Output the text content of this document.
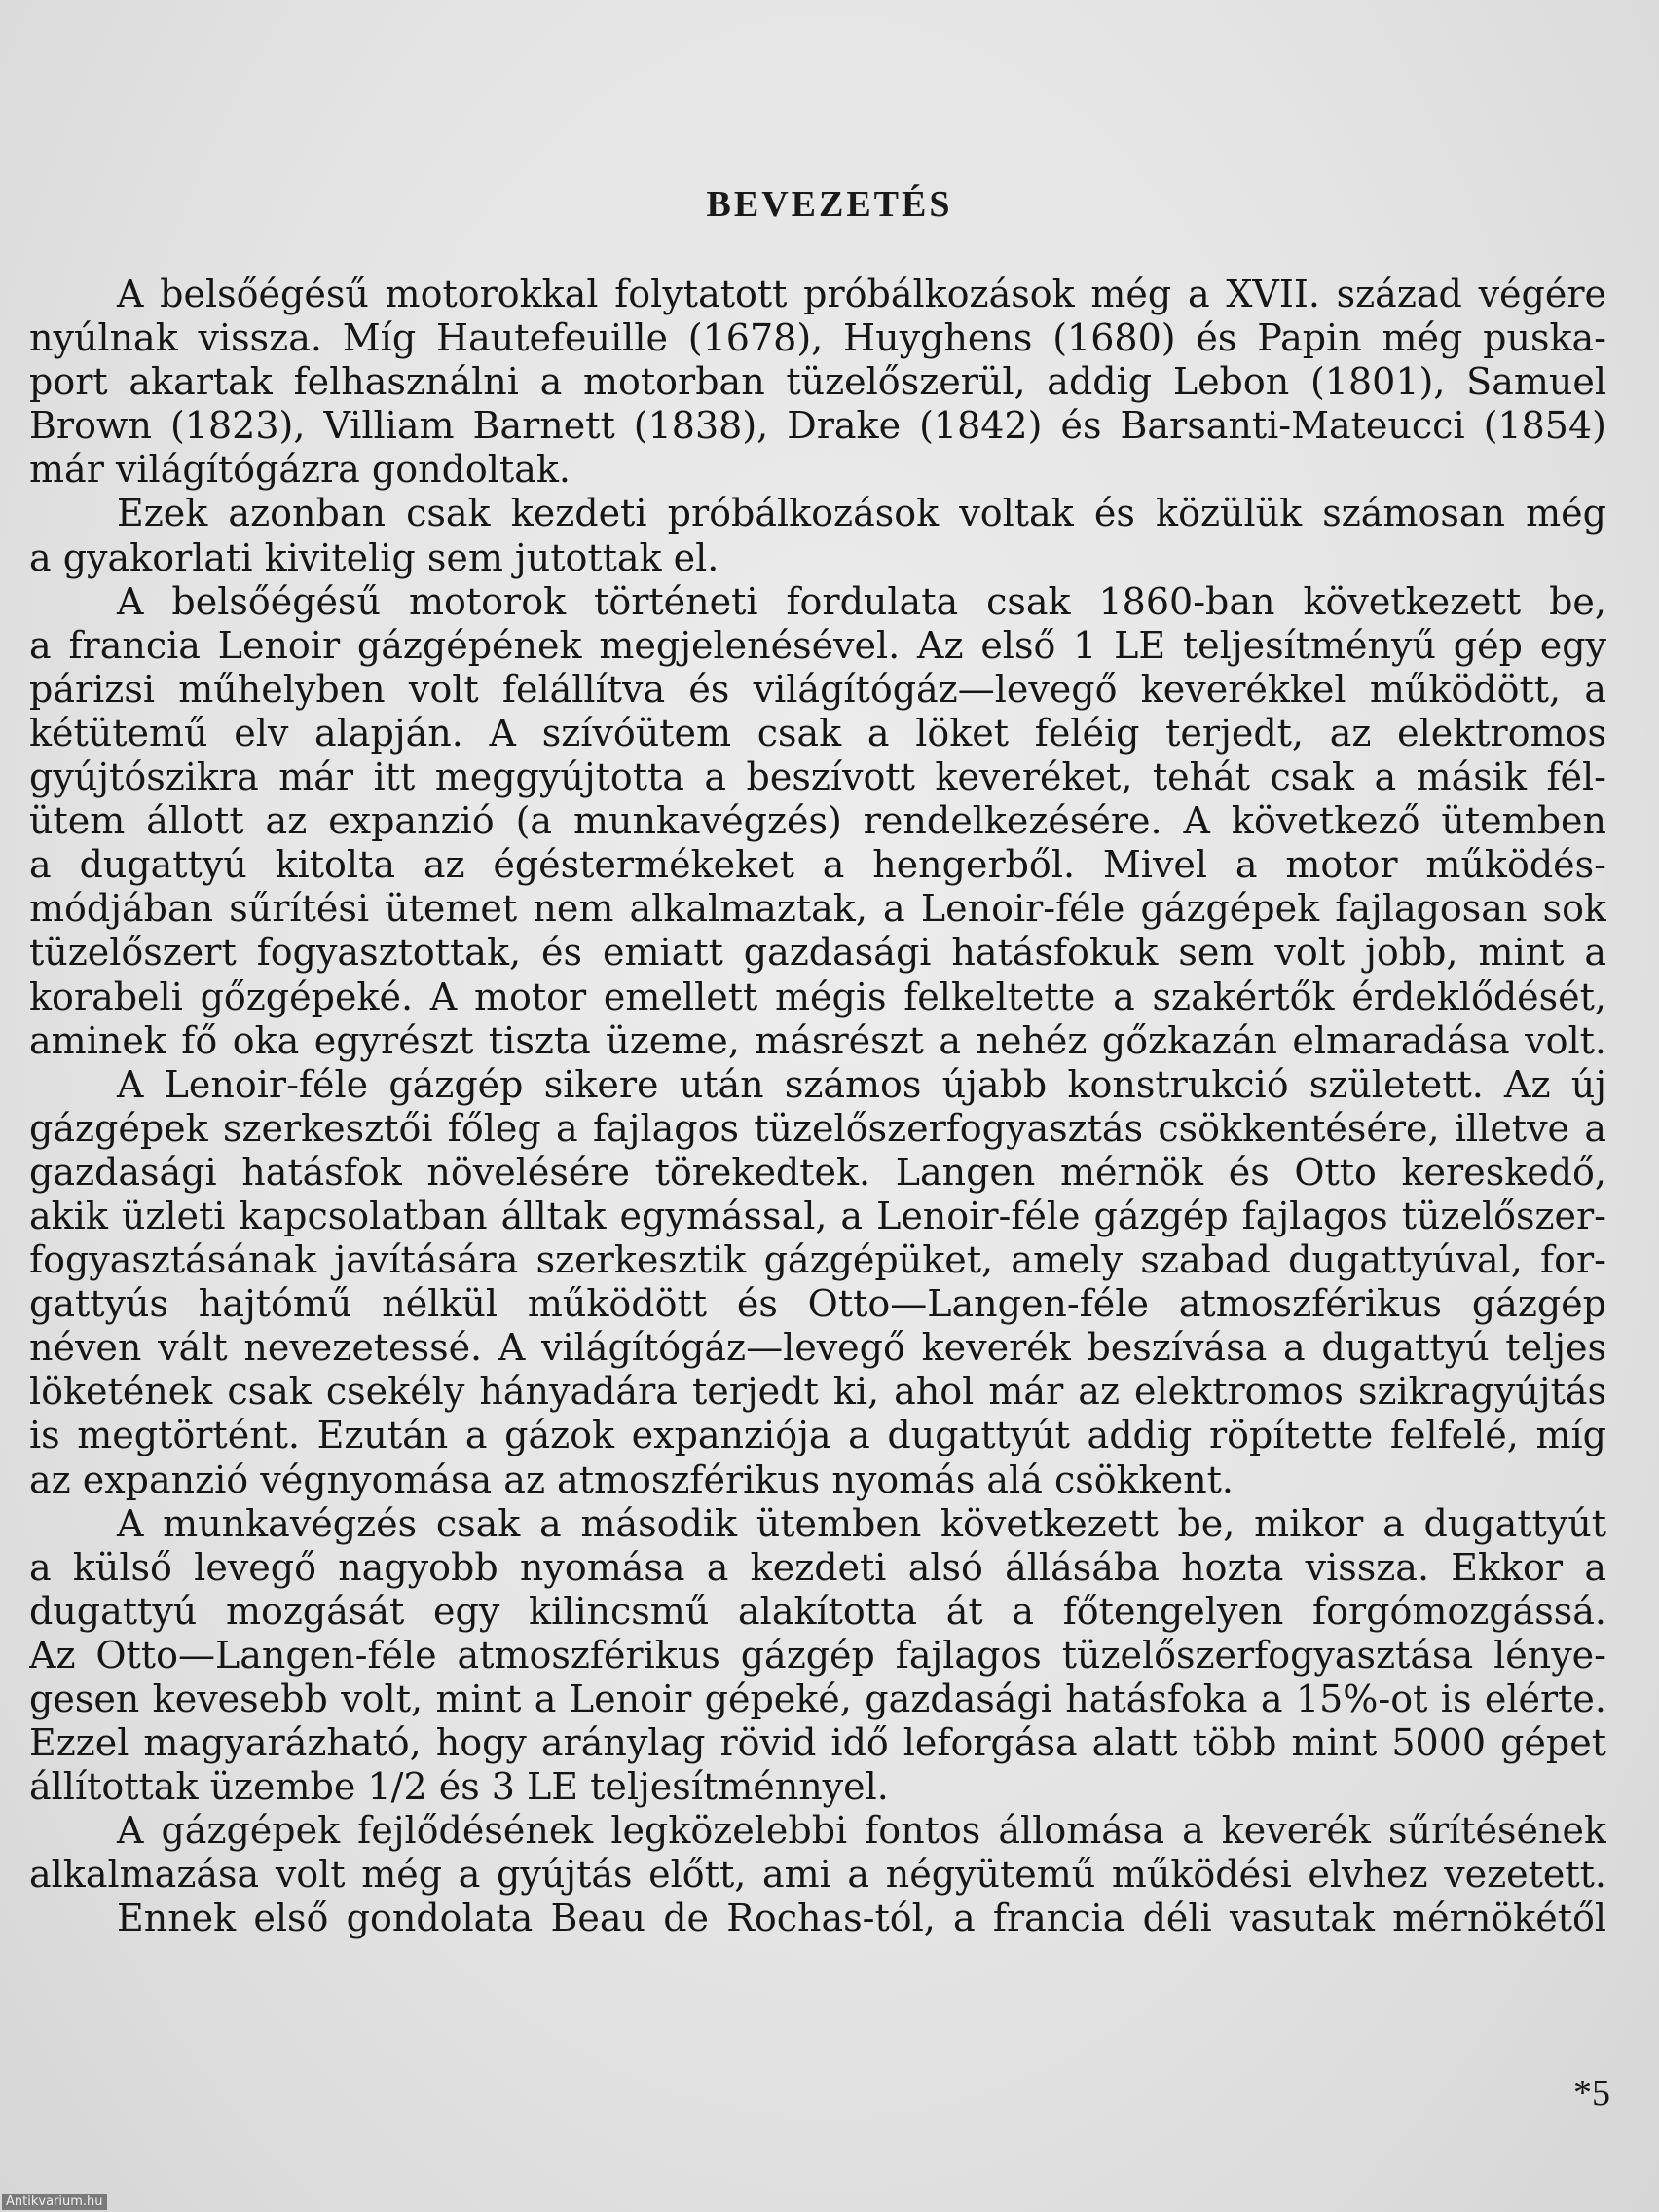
BEVEZETÉS
A belsőégésű motorokkal folytatott próbálkozások még a XVII. század végére
nyúlnak vissza. Míg Hautefeuille (1678), Huyghens (1680) és Papin még puska-
port akartak felhasználni a motorban tüzelőszerül, addig Lebon (1801), Samuel
Brown (1823), Villiam Barnett (1838), Drake (1842) és Barsanti-Mateucci (1854)
már világítógázra gondoltak.
Ezek azonban csak kezdeti próbálkozások voltak és közülük számosan még
a gyakorlati kivitelig sem jutottak el.
A belsőégésű motorok történeti fordulata csak 1860-ban következett be,
a francia Lenoir gázgépének megjelenésével. Az első 1 LE teljesítményű gép egy
párizsi műhelyben volt felállítva és világítógáz—levegő keverékkel működött, a
kétütemű elv alapján. A szívóütem csak a löket feléig terjedt, az elektromos
gyújtószikra már itt meggyújtotta a beszívott keveréket, tehát csak a másik fél-
ütem állott az expanzió (a munkavégzés) rendelkezésére. A következő ütemben
a dugattyú kitolta az égéstermékeket a hengerből. Mivel a motor működés-
módjában sűrítési ütemet nem alkalmaztak, a Lenoir-féle gázgépek fajlagosan sok
tüzelőszert fogyasztottak, és emiatt gazdasági hatásfokuk sem volt jobb, mint a
korabeli gőzgépeké. A motor emellett mégis felkeltette a szakértők érdeklődését,
aminek fő oka egyrészt tiszta üzeme, másrészt a nehéz gőzkazán elmaradása volt.
A Lenoir-féle gázgép sikere után számos újabb konstrukció született. Az új
gázgépek szerkesztői főleg a fajlagos tüzelőszerfogyasztás csökkentésére, illetve a
gazdasági hatásfok növelésére törekedtek. Langen mérnök és Otto kereskedő,
akik üzleti kapcsolatban álltak egymással, a Lenoir-féle gázgép fajlagos tüzelőszer-
fogyasztásának javítására szerkesztik gázgépüket, amely szabad dugattyúval, for-
gattyús hajtómű nélkül működött és Otto—Langen-féle atmoszférikus gázgép
néven vált nevezetessé. A világítógáz—levegő keverék beszívása a dugattyú teljes
löketének csak csekély hányadára terjedt ki, ahol már az elektromos szikragyújtás
is megtörtént. Ezután a gázok expanziója a dugattyút addig röpítette felfelé, míg
az expanzió végnyomása az atmoszférikus nyomás alá csökkent.
A munkavégzés csak a második ütemben következett be, mikor a dugattyút
a külső levegő nagyobb nyomása a kezdeti alsó állásába hozta vissza. Ekkor a
dugattyú mozgását egy kilincsmű alakította át a főtengelyen forgómozgássá.
Az Otto—Langen-féle atmoszférikus gázgép fajlagos tüzelőszerfogyasztása lénye-
gesen kevesebb volt, mint a Lenoir gépeké, gazdasági hatásfoka a 15%-ot is elérte.
Ezzel magyarázható, hogy aránylag rövid idő leforgása alatt több mint 5000 gépet
állítottak üzembe 1/2 és 3 LE teljesítménnyel.
A gázgépek fejlődésének legközelebbi fontos állomása a keverék sűrítésének
alkalmazása volt még a gyújtás előtt, ami a négyütemű működési elvhez vezetett.
Ennek első gondolata Beau de Rochas-tól, a francia déli vasutak mérnökétől
*5
Antikvarium.hu
